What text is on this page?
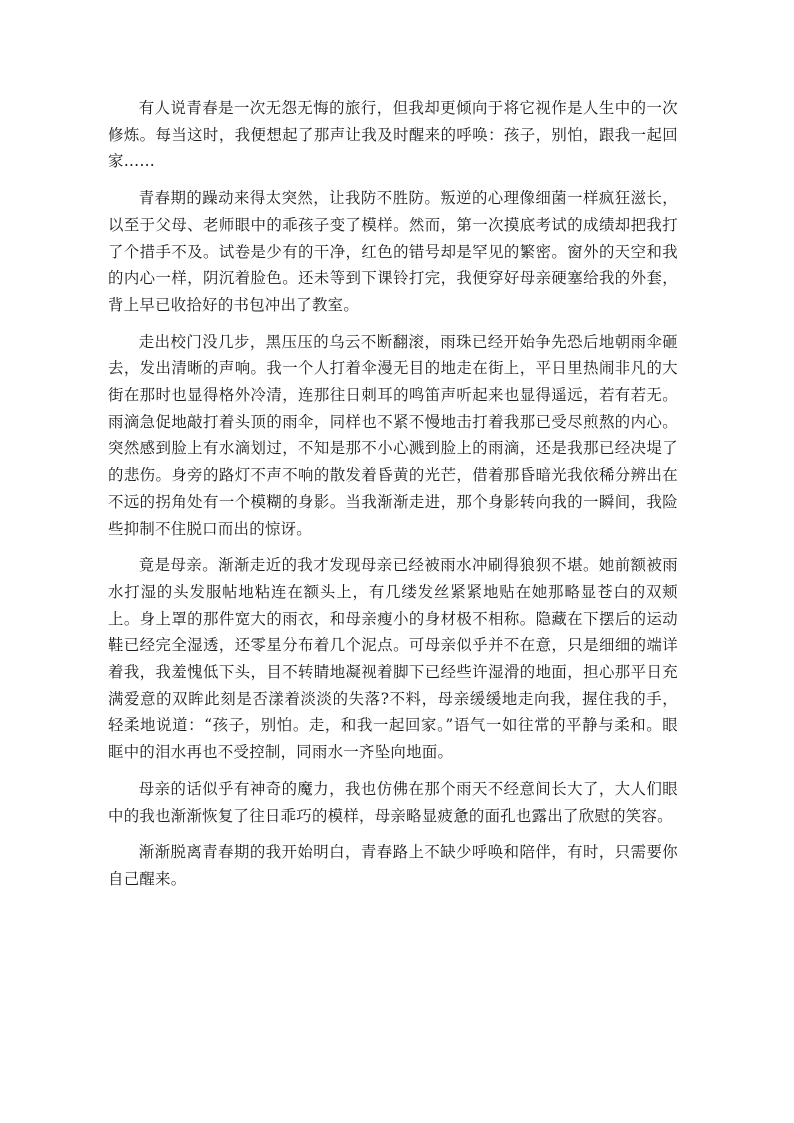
有人说青春是一次无怨无悔的旅行，但我却更倾向于将它视作是人生中的一次修炼。每当这时，我便想起了那声让我及时醒来的呼唤：孩子，别怕，跟我一起回家……

青春期的躁动来得太突然，让我防不胜防。叛逆的心理像细菌一样疯狂滋长，以至于父母、老师眼中的乖孩子变了模样。然而，第一次摸底考试的成绩却把我打了个措手不及。试卷是少有的干净，红色的错号却是罕见的繁密。窗外的天空和我的内心一样，阴沉着脸色。还未等到下课铃打完，我便穿好母亲硬塞给我的外套，背上早已收拾好的书包冲出了教室。

走出校门没几步，黑压压的乌云不断翻滚，雨珠已经开始争先恐后地朝雨伞砸去，发出清晰的声响。我一个人打着伞漫无目的地走在街上，平日里热闹非凡的大街在那时也显得格外冷清，连那往日刺耳的鸣笛声听起来也显得遥远，若有若无。雨滴急促地敲打着头顶的雨伞，同样也不紧不慢地击打着我那已受尽煎熬的内心。突然感到脸上有水滴划过，不知是那不小心溅到脸上的雨滴，还是我那已经决堤了的悲伤。身旁的路灯不声不响的散发着昏黄的光芒，借着那昏暗光我依稀分辨出在不远的拐角处有一个模糊的身影。当我渐渐走进，那个身影转向我的一瞬间，我险些抑制不住脱口而出的惊讶。

竟是母亲。渐渐走近的我才发现母亲已经被雨水冲刷得狼狈不堪。她前额被雨水打湿的头发服帖地粘连在额头上，有几缕发丝紧紧地贴在她那略显苍白的双颊上。身上罩的那件宽大的雨衣，和母亲瘦小的身材极不相称。隐藏在下摆后的运动鞋已经完全湿透，还零星分布着几个泥点。可母亲似乎并不在意，只是细细的端详着我，我羞愧低下头，目不转睛地凝视着脚下已经些许湿滑的地面，担心那平日充满爱意的双眸此刻是否漾着淡淡的失落?不料，母亲缓缓地走向我，握住我的手，轻柔地说道：“孩子，别怕。走，和我一起回家。”语气一如往常的平静与柔和。眼眶中的泪水再也不受控制，同雨水一齐坠向地面。

母亲的话似乎有神奇的魔力，我也仿佛在那个雨天不经意间长大了，大人们眼中的我也渐渐恢复了往日乖巧的模样，母亲略显疲惫的面孔也露出了欣慰的笑容。

渐渐脱离青春期的我开始明白，青春路上不缺少呼唤和陪伴，有时，只需要你自己醒来。
